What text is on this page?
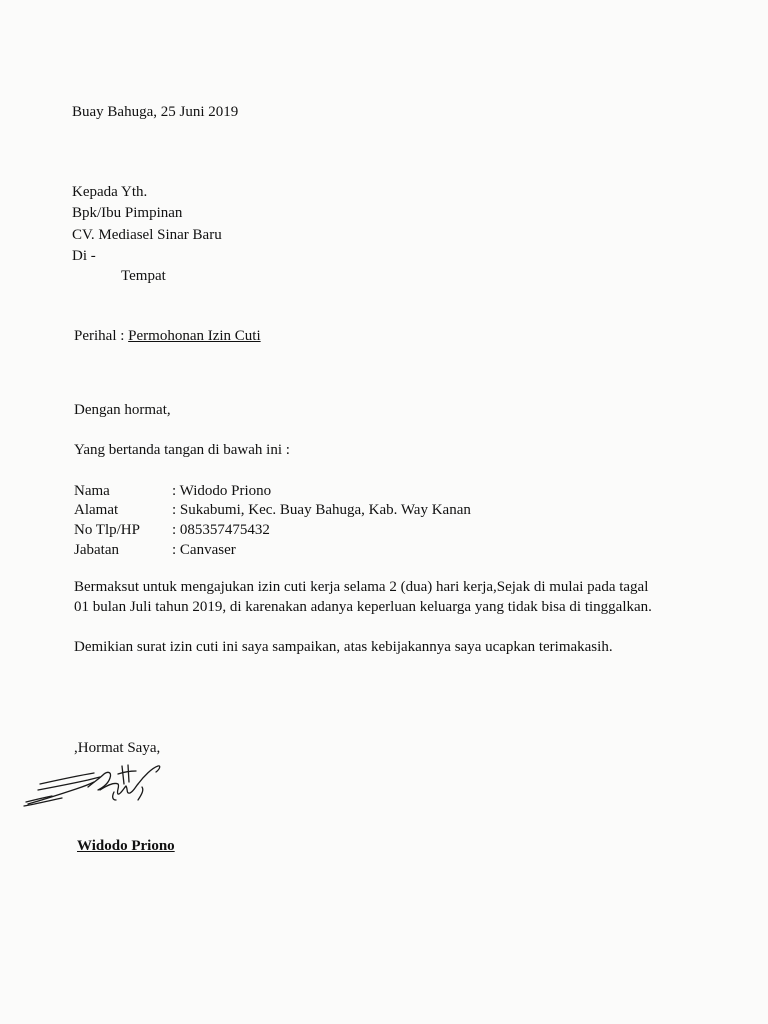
Buay Bahuga, 25 Juni 2019
Kepada Yth.
Bpk/Ibu Pimpinan
CV. Mediasel Sinar Baru
Di -
Tempat
Perihal : Permohonan Izin Cuti
Dengan hormat,
Yang bertanda tangan di bawah ini :
Nama	: Widodo Priono
Alamat	: Sukabumi, Kec. Buay Bahuga, Kab. Way Kanan
No Tlp/HP : 085357475432
Jabatan	: Canvaser
Bermaksut untuk mengajukan izin cuti kerja selama 2 (dua) hari kerja,Sejak di mulai pada tagal
01 bulan Juli tahun 2019, di karenakan adanya keperluan keluarga yang tidak bisa di tinggalkan.
Demikian surat izin cuti ini saya sampaikan, atas kebijakannya saya ucapkan terimakasih.
,Hormat Saya,
Widodo Priono
